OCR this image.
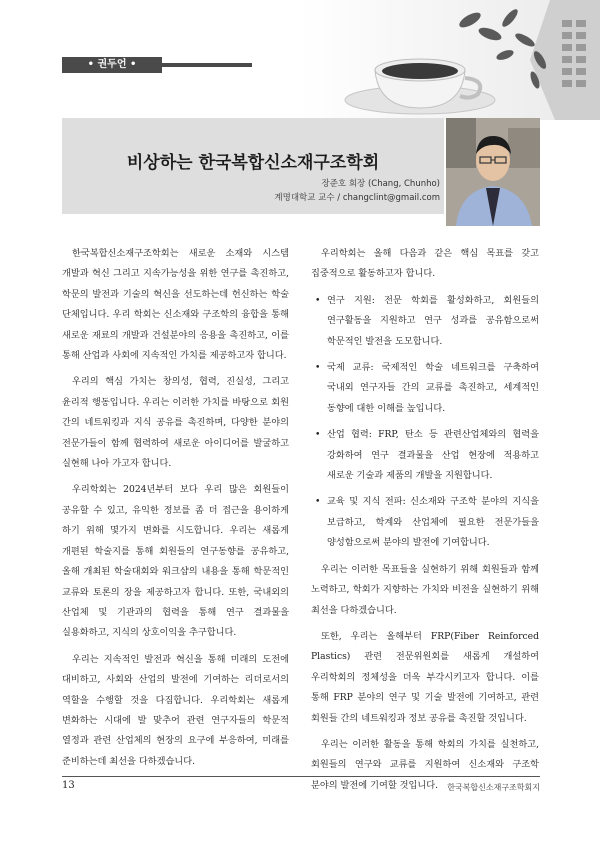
• 권두언 •
비상하는 한국복합신소재구조학회
장준호 회장 (Chang, Chunho)
계명대학교 교수 / changclint@gmail.com

한국복합신소재구조학회는 새로운 소재와 시스템 개발과 혁신 그리고 지속가능성을 위한 연구를 촉진하고, 학문의 발전과 기술의 혁신을 선도하는데 헌신하는 학술 단체입니다. 우리 학회는 신소재와 구조학의 융합을 통해 새로운 재료의 개발과 건설분야의 응용을 촉진하고, 이를 통해 산업과 사회에 지속적인 가치를 제공하고자 합니다.

우리의 핵심 가치는 창의성, 협력, 진실성, 그리고 윤리적 행동입니다. 우리는 이러한 가치를 바탕으로 회원 간의 네트워킹과 지식 공유를 촉진하며, 다양한 분야의 전문가들이 함께 협력하여 새로운 아이디어를 발굴하고 실현해 나아 가고자 합니다.

우리학회는 2024년부터 보다 우리 많은 회원들이 공유할 수 있고, 유익한 정보를 좀 더 접근을 용이하게 하기 위해 몇가지 변화를 시도합니다. 우리는 새롭게 개편된 학술지를 통해 회원들의 연구동향를 공유하고, 올해 개최된 학술대회와 워크샵의 내용을 통해 학문적인 교류와 토론의 장을 제공하고자 합니다. 또한, 국내외의 산업체 및 기관과의 협력을 통해 연구 결과물을 실용화하고, 지식의 상호이익을 추구합니다.

우리는 지속적인 발전과 혁신을 통해 미래의 도전에 대비하고, 사회와 산업의 발전에 기여하는 리더로서의 역할을 수행할 것을 다짐합니다. 우리학회는 새롭게 변화하는 시대에 발 맞추어 관련 연구자들의 학문적 열정과 관련 산업체의 현장의 요구에 부응하여, 미래를 준비하는데 최선을 다하겠습니다.

우리학회는 올해 다음과 같은 핵심 목표를 갖고 집중적으로 활동하고자 합니다.

• 연구 지원: 전문 학회를 활성화하고, 회원들의 연구활동을 지원하고 연구 성과를 공유함으로써 학문적인 발전을 도모합니다.
• 국제 교류: 국제적인 학술 네트워크를 구축하여 국내외 연구자들 간의 교류를 촉진하고, 세계적인 동향에 대한 이해를 높입니다.
• 산업 협력: FRP, 탄소 등 관련산업체와의 협력을 강화하여 연구 결과물을 산업 현장에 적용하고 새로운 기술과 제품의 개발을 지원합니다.
• 교육 및 지식 전파: 신소재와 구조학 분야의 지식을 보급하고, 학계와 산업체에 필요한 전문가들을 양성함으로써 분야의 발전에 기여합니다.

우리는 이러한 목표들을 실현하기 위해 회원들과 함께 노력하고, 학회가 지향하는 가치와 비전을 실현하기 위해 최선을 다하겠습니다.

또한, 우리는 올해부터 FRP(Fiber Reinforced Plastics) 관련 전문위원회를 새롭게 개설하여 우리학회의 정체성을 더욱 부각시키고자 합니다. 이를 통해 FRP 분야의 연구 및 기술 발전에 기여하고, 관련 회원들 간의 네트워킹과 정보 공유를 촉진할 것입니다.

우리는 이러한 활동을 통해 학회의 가치를 실천하고, 회원들의 연구와 교류를 지원하여 신소재와 구조학 분야의 발전에 기여할 것입니다.

13	한국복합신소재구조학회지
